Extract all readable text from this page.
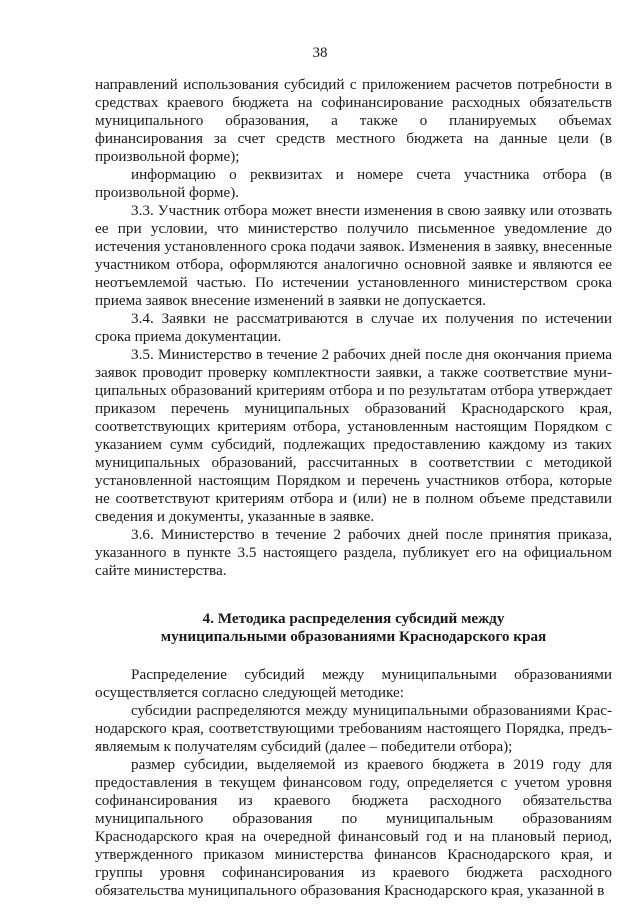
38

направлений использования субсидий с приложением расчетов потребности в средствах краевого бюджета на софинансирование расходных обязательств муниципального образования, а также о планируемых объемах финансирования за счет средств местного бюджета на данные цели (в произвольной форме);

информацию о реквизитах и номере счета участника отбора (в произвольной форме).

3.3. Участник отбора может внести изменения в свою заявку или отозвать ее при условии, что министерство получило письменное уведомление до истечения установленного срока подачи заявок. Изменения в заявку, внесенные участником отбора, оформляются аналогично основной заявке и являются ее неотъемлемой частью. По истечении установленного министерством срока приема заявок внесение изменений в заявки не допускается.

3.4. Заявки не рассматриваются в случае их получения по истечении срока приема документации.

3.5. Министерство в течение 2 рабочих дней после дня окончания приема заявок проводит проверку комплектности заявки, а также соответствие муниципальных образований критериям отбора и по результатам отбора утверждает приказом перечень муниципальных образований Краснодарского края, соответствующих критериям отбора, установленным настоящим Порядком с указанием сумм субсидий, подлежащих предоставлению каждому из таких муниципальных образований, рассчитанных в соответствии с методикой установленной настоящим Порядком и перечень участников отбора, которые не соответствуют критериям отбора и (или) не в полном объеме представили сведения и документы, указанные в заявке.

3.6. Министерство в течение 2 рабочих дней после принятия приказа, указанного в пункте 3.5 настоящего раздела, публикует его на официальном сайте министерства.

4. Методика распределения субсидий между
муниципальными образованиями Краснодарского края

Распределение субсидий между муниципальными образованиями осуществляется согласно следующей методике:

субсидии распределяются между муниципальными образованиями Краснодарского края, соответствующими требованиям настоящего Порядка, предъявляемым к получателям субсидий (далее – победители отбора);

размер субсидии, выделяемой из краевого бюджета в 2019 году для предоставления в текущем финансовом году, определяется с учетом уровня софинансирования из краевого бюджета расходного обязательства муниципального образования по муниципальным образованиям Краснодарского края на очередной финансовый год и на плановый период, утвержденного приказом министерства финансов Краснодарского края, и группы уровня софинансирования из краевого бюджета расходного обязательства муниципального образования Краснодарского края, указанной в
